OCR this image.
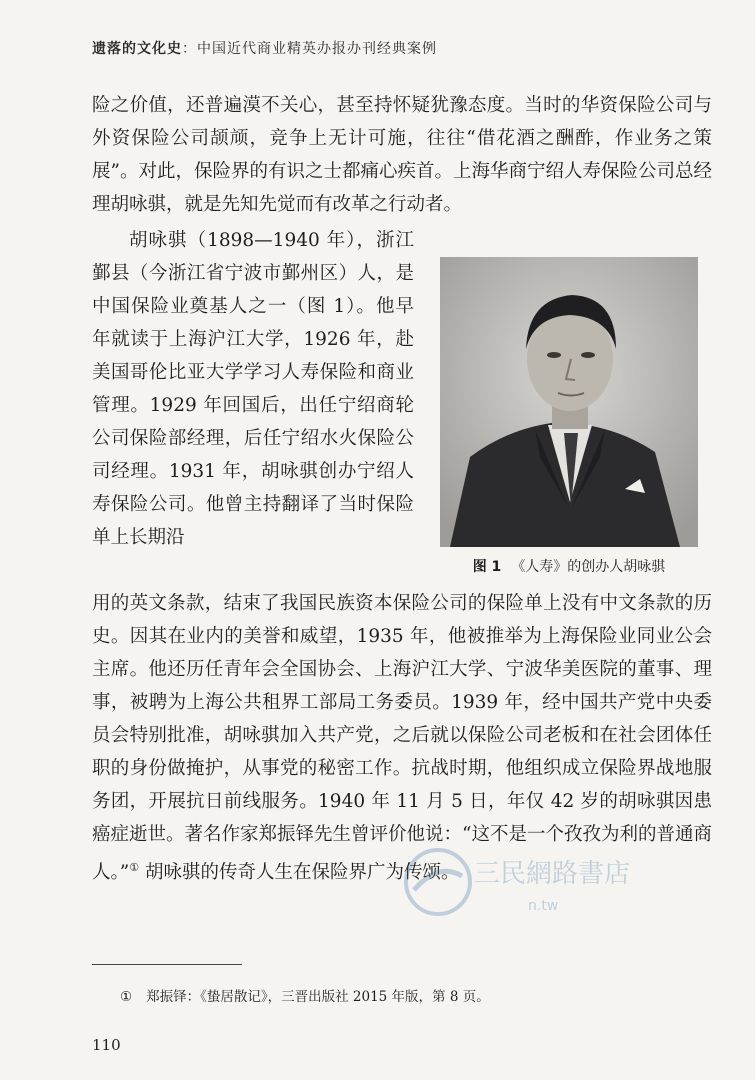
遗落的文化史：中国近代商业精英办报办刊经典案例

险之价值，还普遍漠不关心，甚至持怀疑犹豫态度。当时的华资保险公司与外资保险公司颉颃，竞争上无计可施，往往“借花酒之酬酢，作业务之策展”。对此，保险界的有识之士都痛心疾首。上海华商宁绍人寿保险公司总经理胡咏骐，就是先知先觉而有改革之行动者。

胡咏骐（1898—1940 年），浙江鄞县（今浙江省宁波市鄞州区）人，是中国保险业奠基人之一（图 1）。他早年就读于上海沪江大学，1926 年，赴美国哥伦比亚大学学习人寿保险和商业管理。1929 年回国后，出任宁绍商轮公司保险部经理，后任宁绍水火保险公司经理。1931 年，胡咏骐创办宁绍人寿保险公司。他曾主持翻译了当时保险单上长期沿

图 1 《人寿》的创办人胡咏骐

用的英文条款，结束了我国民族资本保险公司的保险单上没有中文条款的历史。因其在业内的美誉和威望，1935 年，他被推举为上海保险业同业公会主席。他还历任青年会全国协会、上海沪江大学、宁波华美医院的董事、理事，被聘为上海公共租界工部局工务委员。1939 年，经中国共产党中央委员会特别批准，胡咏骐加入共产党，之后就以保险公司老板和在社会团体任职的身份做掩护，从事党的秘密工作。抗战时期，他组织成立保险界战地服务团，开展抗日前线服务。1940 年 11 月 5 日，年仅 42 岁的胡咏骐因患癌症逝世。著名作家郑振铎先生曾评价他说：“这不是一个孜孜为利的普通商人。”① 胡咏骐的传奇人生在保险界广为传颂。 三民網路書店
n.tw
① 郑振铎：《蛰居散记》，三晋出版社 2015 年版，第 8 页。
110
